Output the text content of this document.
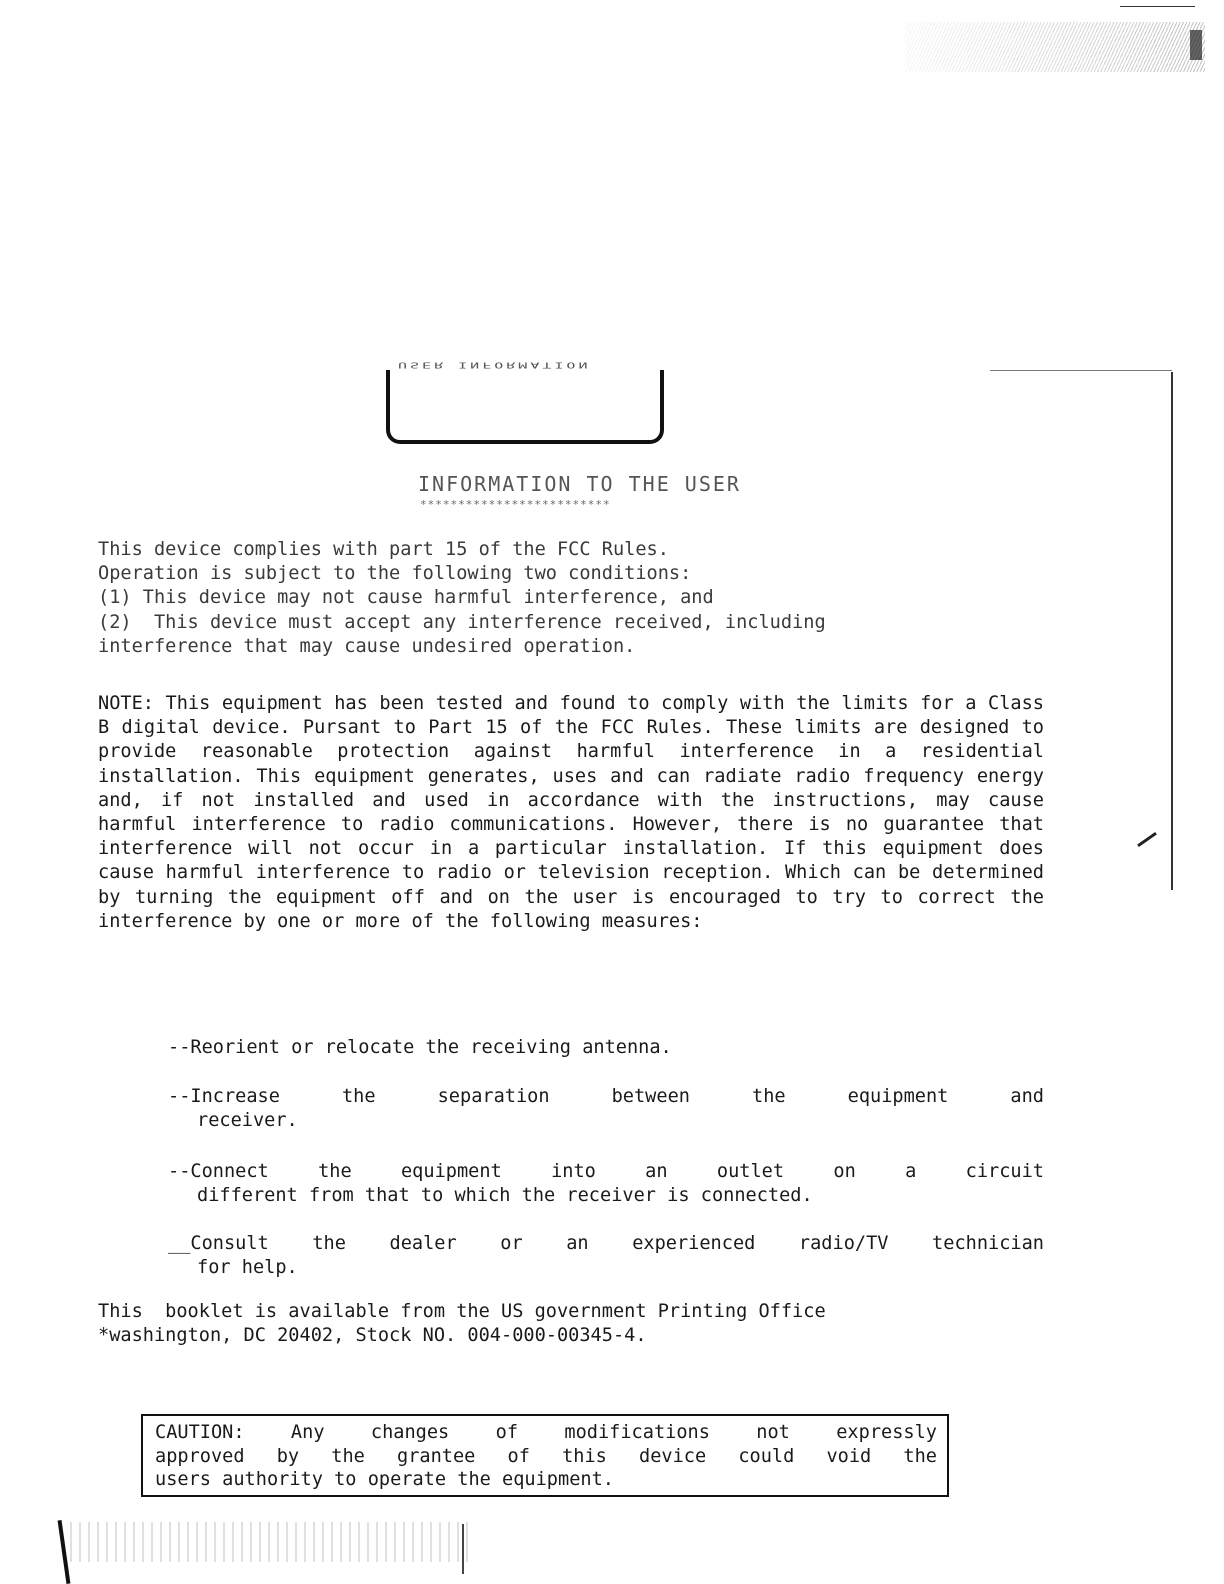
USER INFORMATION
INFORMATION TO THE USER
*************************
This device complies with part 15 of the FCC Rules.
Operation is subject to the following two conditions:
(1) This device may not cause harmful interference, and
(2)  This device must accept any interference received, including
interference that may cause undesired operation.

NOTE: This equipment has been tested and found to comply with the limits for a Class B digital device. Pursant to Part 15 of the FCC Rules. These limits are designed to provide reasonable protection against harmful interference in a residential installation. This equipment generates, uses and can radiate radio frequency energy and, if not installed and used in accordance with the instructions, may cause harmful interference to radio communications. However, there is no guarantee that interference will not occur in a particular installation. If this equipment does cause harmful interference to radio or television reception. Which can be determined by turning the equipment off and on the user is encouraged to try to correct the interference by one or more of the following measures:

--Reorient or relocate the receiving antenna.
--Increase the separation between the equipment and
receiver.
--Connect the equipment into an outlet on a circuit
different from that to which the receiver is connected.
__Consult the dealer or an experienced radio/TV technician
for help.
This  booklet is available from the US government Printing Office
*washington, DC 20402, Stock NO. 004-000-00345-4.
CAUTION: Any changes of modifications not expressly
approved by the grantee of this device could void the
users authority to operate the equipment.
